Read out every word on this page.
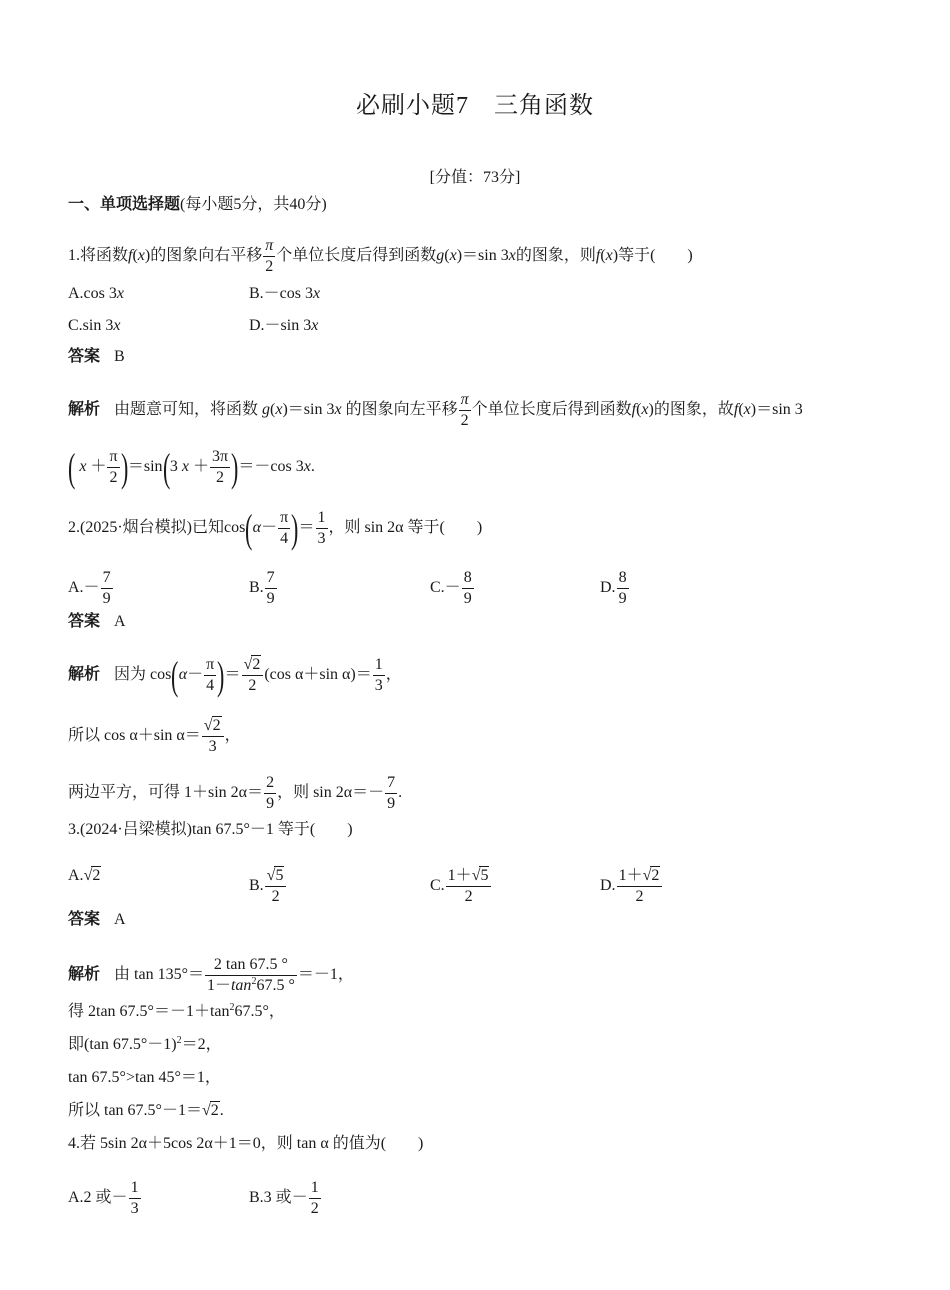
必刷小题7　三角函数
[分值：73分]
一、单项选择题(每小题5分，共40分)
1.将函数f(x)的图象向右平移 $\frac{\pi}{2}$ 个单位长度后得到函数g(x)＝sin 3x的图象，则f(x)等于(　　)
A.cos 3x	B.－cos 3x
C.sin 3x	D.－sin 3x
答案 B
解析 由题意可知，将函数 g(x)＝sin 3x 的图象向左平移 $\frac{\pi}{2}$ 个单位长度后得到函数f(x)的图象，故f(x)＝sin 3
( $x + \frac{\pi}{2} )=\sin(3$ $x + \frac{3\pi}{2} )=-\cos$ 3x.
2.(2025·烟台模拟)已知$\cos(\alpha- \frac{\pi}{4}$ )＝ $\frac{1}{3}$ ，则 sin 2α 等于(　　)
$A.- \frac{7}{9}$	B. $\frac{7}{9}$	$C.- \frac{8}{9}$	D. $\frac{8}{9}$
答案 A
解析 因为 $\cos(\alpha- \frac{\pi}{4}$ )＝ $\frac{√2}{2} (\cos$ α＋sin $\alpha)= \frac{1}{3}$ ，
所以 cos α＋sin $\alpha= \frac{√2}{3}$ ，
两边平方，可得 1＋sin $2\alpha= \frac{2}{9}$ ，则 $\sin 2\alpha=- \frac{7}{9}$ .
3.(2024·吕梁模拟)tan 67.5°－1 等于(　　)
A.√2
B. $\frac{√5}{2}$	C. $\frac{1+√5}{2}$	D. $\frac{1+√2}{2}$
答案 A
解析 由 $\tan 135^\circ= \frac{2 \tan 67.5 ^\circ}{1-\tan^267.5 ^\circ} =-1$，
得 2tan $67.5^\circ=-1+\tan^267.5^\circ$，
即(tan 67.5°－1)$^2$＝2，
tan 67.5°>tan 45°＝1，
所以 tan 67.5°－1＝√2.
4.若 5sin 2α＋5cos 2α＋1＝0，则 tan α 的值为(　　)
A.2 或－ $\frac{1}{3}$	B.3 或－ $\frac{1}{2}$
